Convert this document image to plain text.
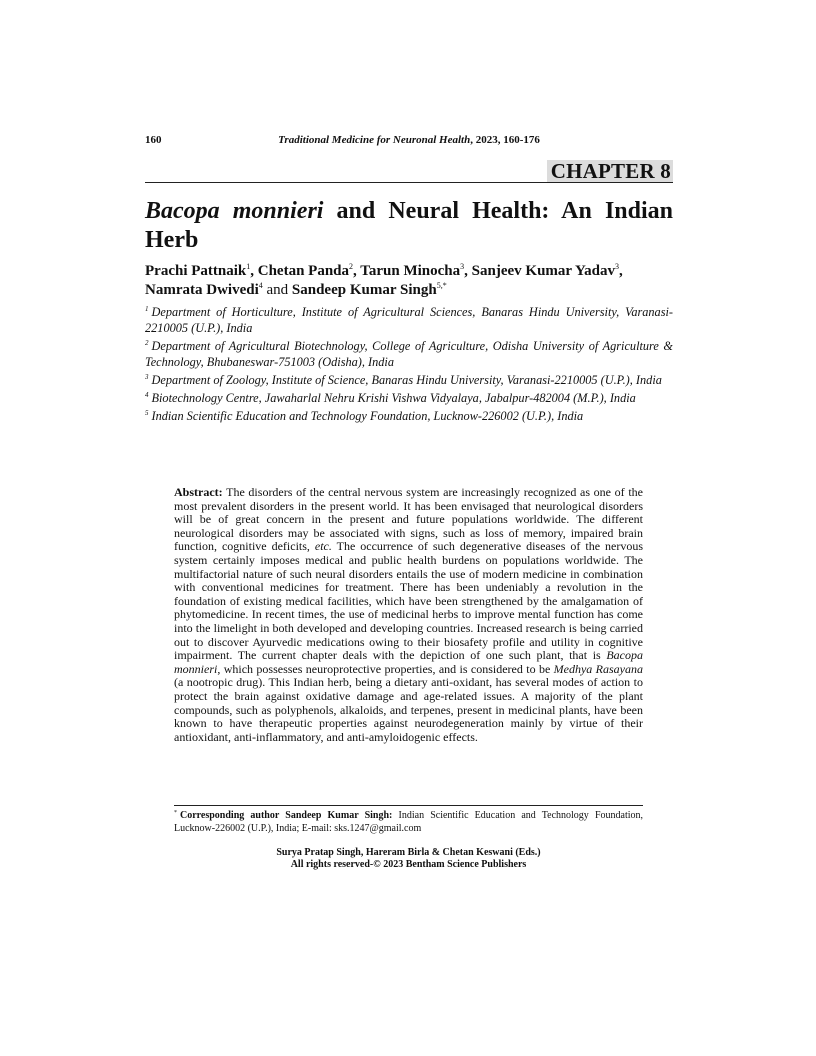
160	Traditional Medicine for Neuronal Health, 2023, 160-176
CHAPTER 8
Bacopa monnieri and Neural Health: An Indian Herb
Prachi Pattnaik$^1$, Chetan Panda$^2$, Tarun Minocha$^3$, Sanjeev Kumar Yadav$^3$, Namrata Dwivedi$^4$ and Sandeep Kumar Singh$^{5,*}$
$^1$ Department of Horticulture, Institute of Agricultural Sciences, Banaras Hindu University, Varanasi-2210005 (U.P.), India
$^2$ Department of Agricultural Biotechnology, College of Agriculture, Odisha University of Agriculture & Technology, Bhubaneswar-751003 (Odisha), India
$^3$ Department of Zoology, Institute of Science, Banaras Hindu University, Varanasi-2210005 (U.P.), India
$^4$ Biotechnology Centre, Jawaharlal Nehru Krishi Vishwa Vidyalaya, Jabalpur-482004 (M.P.), India
$^5$ Indian Scientific Education and Technology Foundation, Lucknow-226002 (U.P.), India
Abstract: The disorders of the central nervous system are increasingly recognized as one of the most prevalent disorders in the present world. It has been envisaged that neurological disorders will be of great concern in the present and future populations worldwide. The different neurological disorders may be associated with signs, such as loss of memory, impaired brain function, cognitive deficits, etc. The occurrence of such degenerative diseases of the nervous system certainly imposes medical and public health burdens on populations worldwide. The multifactorial nature of such neural disorders entails the use of modern medicine in combination with conventional medicines for treatment. There has been undeniably a revolution in the foundation of existing medical facilities, which have been strengthened by the amalgamation of phytomedicine. In recent times, the use of medicinal herbs to improve mental function has come into the limelight in both developed and developing countries. Increased research is being carried out to discover Ayurvedic medications owing to their biosafety profile and utility in cognitive impairment. The current chapter deals with the depiction of one such plant, that is Bacopa monnieri, which possesses neuroprotective properties, and is considered to be Medhya Rasayana (a nootropic drug). This Indian herb, being a dietary anti-oxidant, has several modes of action to protect the brain against oxidative damage and age-related issues. A majority of the plant compounds, such as polyphenols, alkaloids, and terpenes, present in medicinal plants, have been known to have therapeutic properties against neurodegeneration mainly by virtue of their antioxidant, anti-inflammatory, and anti-amyloidogenic effects.
* Corresponding author Sandeep Kumar Singh: Indian Scientific Education and Technology Foundation, Lucknow-226002 (U.P.), India; E-mail: sks.1247@gmail.com
Surya Pratap Singh, Hareram Birla & Chetan Keswani (Eds.)
All rights reserved-© 2023 Bentham Science Publishers
